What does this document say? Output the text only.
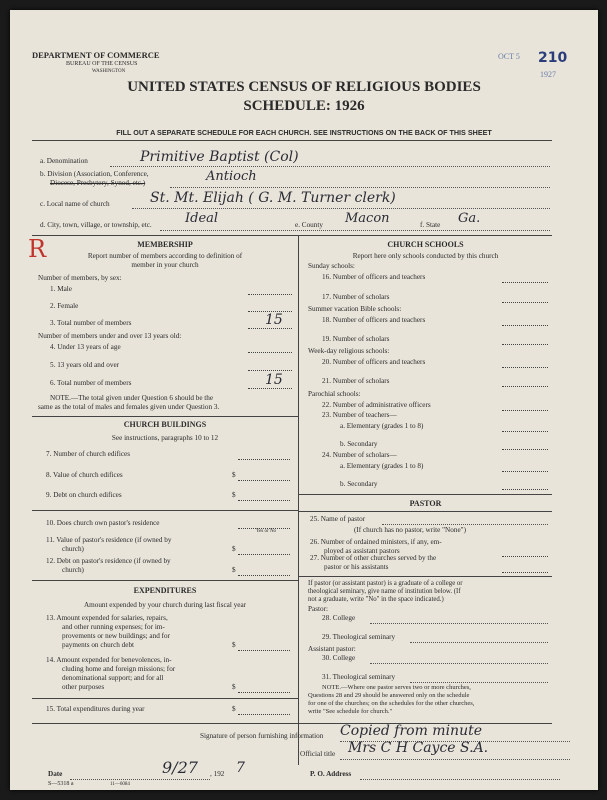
DEPARTMENT OF COMMERCE
BUREAU OF THE CENSUS
WASHINGTON
UNITED STATES CENSUS OF RELIGIOUS BODIES
SCHEDULE: 1926
OCT 5 210
1927
FILL OUT A SEPARATE SCHEDULE FOR EACH CHURCH. SEE INSTRUCTIONS ON THE BACK OF THIS SHEET
a. Denomination	Primitive Baptist (Col)
b. Division (Association, Conference,
Diocese, Presbytery, Synod, etc.)	Antioch
c. Local name of church	St. Mt. Elijah ( G. M. Turner clerk)
d. City, town, village, or township, etc.	Ideal	e. County Macon	f. State Ga.
R	MEMBERSHIP
Report number of members according to definition of
member in your church
Number of members, by sex:
1. Male
2. Female
3. Total number of members	15
Number of members under and over 13 years old:
4. Under 13 years of age
5. 13 years old and over
6. Total number of members	15
NOTE.—The total given under Question 6 should be the
same as the total of males and females given under Question 3.
CHURCH BUILDINGS
See instructions, paragraphs 10 to 12
7. Number of church edifices
8. Value of church edifices	$
9. Debt on church edifices	$
10. Does church own pastor's residence
Yes or No
11. Value of pastor's residence (if owned by
church)	$
12. Debt on pastor's residence (if owned by
church)	$
EXPENDITURES
Amount expended by your church during last fiscal year
13. Amount expended for salaries, repairs,
and other running expenses; for im-
provements or new buildings; and for
payments on church debt	$
14. Amount expended for benevolences, in-
cluding home and foreign missions; for
denominational support; and for all
other purposes	$
15. Total expenditures during year	$
CHURCH SCHOOLS
Report here only schools conducted by this church
Sunday schools:
16. Number of officers and teachers
17. Number of scholars
Summer vacation Bible schools:
18. Number of officers and teachers
19. Number of scholars
Week-day religious schools:
20. Number of officers and teachers
21. Number of scholars
Parochial schools:
22. Number of administrative officers
23. Number of teachers—
a. Elementary (grades 1 to 8)
b. Secondary
24. Number of scholars—
a. Elementary (grades 1 to 8)
b. Secondary
PASTOR
25. Name of pastor
(If church has no pastor, write "None")
26. Number of ordained ministers, if any, em-
ployed as assistant pastors
27. Number of other churches served by the
pastor or his assistants
If pastor (or assistant pastor) is a graduate of a college or
theological seminary, give name of institution below. (If
not a graduate, write "No" in the space indicated.)
Pastor:
28. College
29. Theological seminary
Assistant pastor:
30. College
31. Theological seminary
NOTE.—Where one pastor serves two or more churches,
Questions 28 and 29 should be answered only on the schedule
for one of the churches; on the schedules for the other churches,
write "See schedule for church."
Signature of person furnishing information Copied from minute
Official title Mrs C H Cayce S.A.
Date	9/27 , 192 7	P. O. Address
S—5318 a	11—6084
